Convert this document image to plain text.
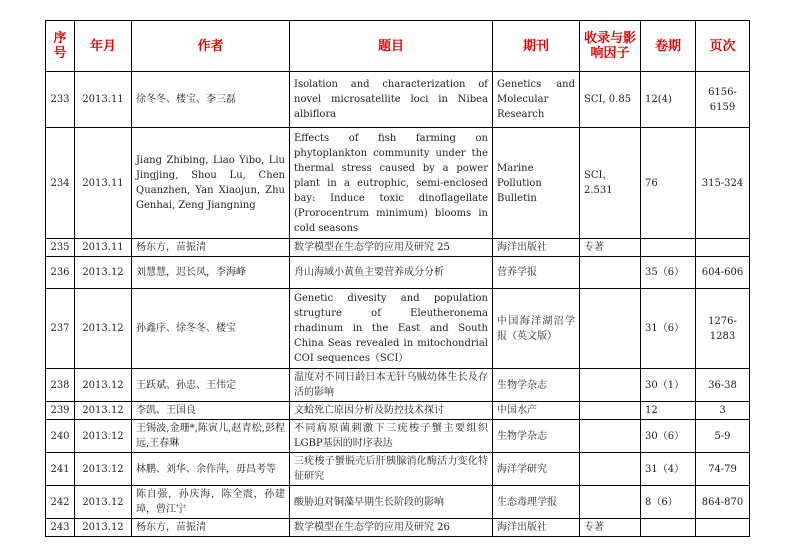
序号	年月	作者	题目	期刊	收录与影响因子	卷期	页次
233	2013.11	徐冬冬、楼宝、李三磊	Isolation and characterization of novel microsatellite loci in Nibea albiflora	Genetics and Molecular Research	SCI, 0.85	12(4)	6156-6159
234	2013.11	Jiang Zhibing, Liao Yibo, Liu Jingjing, Shou Lu, Chen Quanzhen, Yan Xiaojun, Zhu Genhai, Zeng Jiangning	Effects of fish farming on phytoplankton community under the thermal stress caused by a power plant in a eutrophic, semi-enclosed bay: Induce toxic dinoflagellate (Prorocentrum minimum) blooms in cold seasons	Marine Pollution Bulletin	SCI，2.531	76	315-324
235	2013.11	杨东方，苗振清	数学模型在生态学的应用及研究 25	海洋出版社	专著		
236	2013.12	刘慧慧，迟长凤，李海峰	舟山海域小黄鱼主要营养成分分析	营养学报		35（6）	604-606
237	2013.12	孙鑫序、徐冬冬、楼宝	Genetic divesity and population strugture of Eleutheronema rhadinum in the East and South China Seas revealed in mitochondrial COI sequences（SCI）	中国海洋湖沼学报（英文版）		31（6）	1276-1283
238	2013.12	王跃斌、孙忠、王伟定	温度对不同日龄日本无针乌贼幼体生长及存活的影响	生物学杂志		30（1）	36-38
239	2013.12	李凯、王国良	文蛤死亡原因分析及防控技术探讨	中国水产		12	3
240	2013.12	王锡波,金珊*,陈寅儿,赵青松,彭程远,王春琳	不同病原菌刺激下三疣梭子蟹主要组织 LGBP基因的时序表达	生物学杂志		30（6）	5-9
241	2013.12	林鹏、刘华、余作萍，毋昌考等	三疣梭子蟹脱壳后肝胰腺消化酶活力变化特征研究	海洋学研究		31（4）	74-79
242	2013.12	陈自强，孙庆海，陈全震，孙建璋，曾江宁	酸胁迫对铜藻早期生长阶段的影响	生态毒理学报		8（6）	864-870
243	2013.12	杨东方，苗振清	数学模型在生态学的应用及研究 26	海洋出版社	专著		
